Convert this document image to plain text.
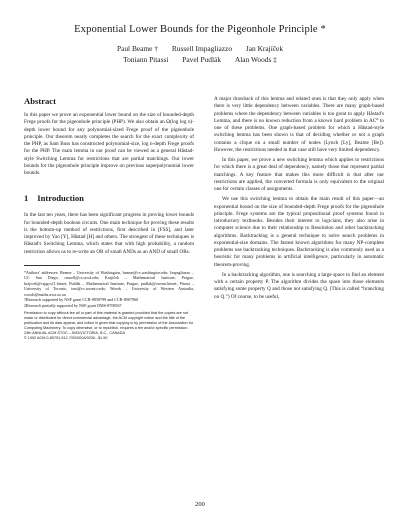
Exponential Lower Bounds for the Pigeonhole Principle *
Paul Beame † Russell Impagliazzo Jan Krajíček
Toniann Pitassi Pavel Pudlák Alan Woods ‡
Abstract

In this paper we prove an exponential lower bound on the size of bounded-depth Frege proofs for the pigeonhole principle (PHP). We also obtain an Ω(log log n)-depth lower bound for any polynomial-sized Frege proof of the pigeonhole principle. Our theorem nearly completes the search for the exact complexity of the PHP, as Sam Buss has constructed polynomial-size, log n-depth Frege proofs for the PHP. The main lemma in our proof can be viewed as a general Håstad-style Switching Lemma for restrictions that are partial matchings. Our lower bounds for the pigeonhole principle improve on previous superpolynomial lower bounds.

1 Introduction

In the last ten years, there has been significant progress in proving lower bounds for bounded-depth boolean circuits. One main technique for proving these results is the bottom-up method of restrictions, first described in [FSS], and later improved by Yao [Y], Håstad [H] and others. The strongest of these techniques is Håstad's Switching Lemma, which states that with high probability, a random restriction allows us to re-write an OR of small ANDs as an AND of small ORs.

*Authors' addresses: Beame – University of Washington, beame@cs.washington.edu; Impagliazzo – UC San Diego, russell@cs.ucsd.edu; Krajíček – Mathematical Institute, Prague, krajicek@cspgcs11.bitnet; Pudlák – Mathematical Institute, Prague, pudlak@csearn.bitnet; Pitassi – University of Toronto, toni@cs.toronto.edu; Woods – University of Western Australia, woods@maths.uwa.oz.au

†Research supported by NSF grant CCR-8858799 and CCR-8907960

‡Research partially supported by NSF grant DMS-8708567

Permission to copy without fee all or part of this material is granted provided that the copies are not made or distributed for direct commercial advantage, the ACM copyright notice and the title of the publication and its date appear, and notice is given that copying is by permission of the Association for Computing Machinery. To copy otherwise, or to republish, requires a fee and/or specific permission.

24th ANNUAL ACM STOC – 5/92/VICTORIA, B.C., CANADA

© 1992 ACM 0-89791-512-7/92/0004/0200...$1.50

A major drawback of this lemma and related ones is that they only apply when there is very little dependency between variables. There are many graph-based problems where the dependency between variables is too great to apply Håstad's Lemma, and there is no known reduction from a known hard problem in AC⁰ to one of these problems. One graph-based problem for which a Håstad-style switching lemma has been shown is that of deciding whether or not a graph contains a clique on a small number of nodes (Lynch [Ly], Beame [Be]). However, the restrictions needed in that case still have very limited dependency.

In this paper, we prove a new switching lemma which applies to restrictions for which there is a great deal of dependency, namely those that represent partial matchings. A key feature that makes this more difficult is that after our restrictions are applied, the converted formula is only equivalent to the original one for certain classes of assignments.

We use this switching lemma to obtain the main result of this paper—an exponential bound on the size of bounded-depth Frege proofs for the pigeonhole principle. Frege systems are the typical propositional proof systems found in introductory textbooks. Besides their interest to logicians, they also arise in computer science due to their relationship to Resolution and other backtracking algorithms. Backtracking is a general technique to solve search problems in exponential-size domains. The fastest known algorithms for many NP-complete problems use backtracking techniques. Backtracking is also commonly used as a heuristic for many problems in artificial intelligence, particularly in automatic theorem-proving.

In a backtracking algorithm, one is searching a large space to find an element with a certain property P. The algorithm divides the space into those elements satisfying some property Q and those not satisfying Q. (This is called “branching on Q.”) Of course, to be useful,

200
